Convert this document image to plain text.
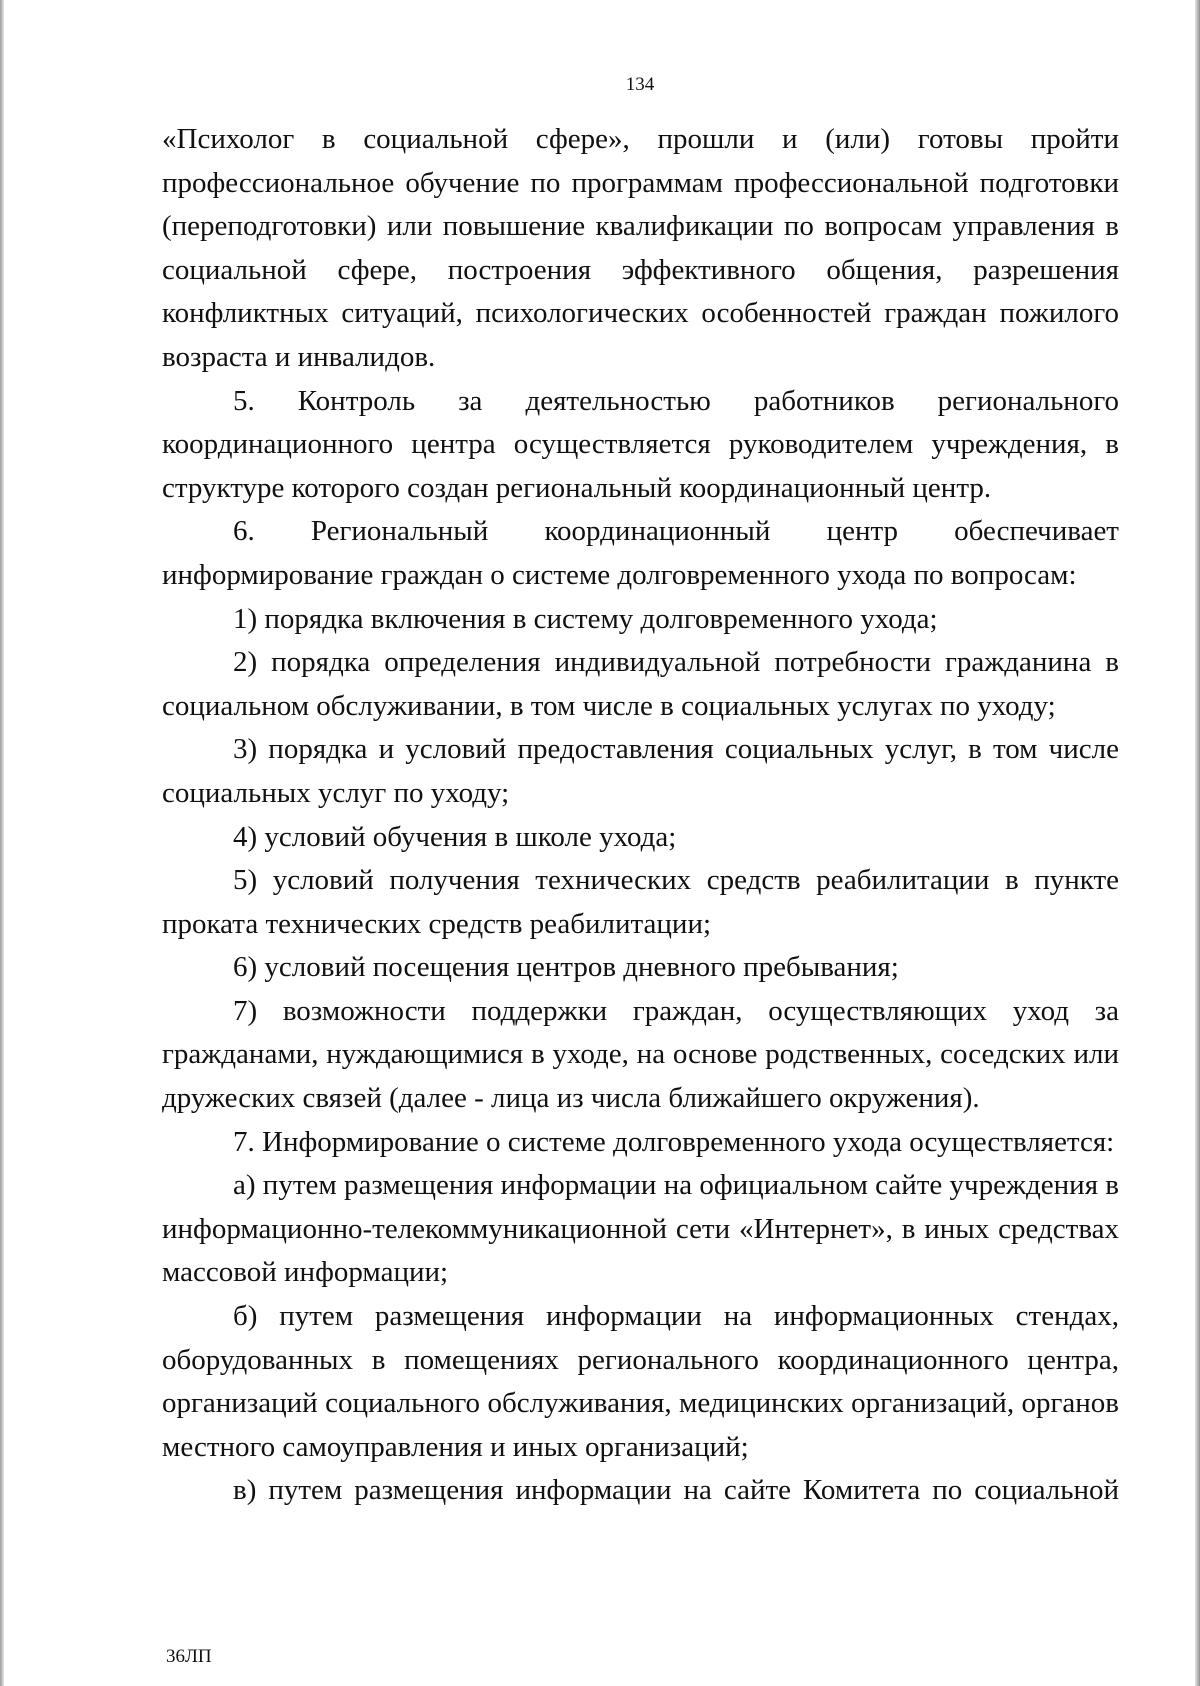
134

«Психолог в социальной сфере», прошли и (или) готовы пройти профессиональное обучение по программам профессиональной подготовки (переподготовки) или повышение квалификации по вопросам управления в социальной сфере, построения эффективного общения, разрешения конфликтных ситуаций, психологических особенностей граждан пожилого возраста и инвалидов.

5. Контроль за деятельностью работников регионального координационного центра осуществляется руководителем учреждения, в структуре которого создан региональный координационный центр.

6. Региональный координационный центр обеспечивает информирование граждан о системе долговременного ухода по вопросам:

1) порядка включения в систему долговременного ухода;

2) порядка определения индивидуальной потребности гражданина в социальном обслуживании, в том числе в социальных услугах по уходу;

3) порядка и условий предоставления социальных услуг, в том числе социальных услуг по уходу;

4) условий обучения в школе ухода;

5) условий получения технических средств реабилитации в пункте проката технических средств реабилитации;

6) условий посещения центров дневного пребывания;

7) возможности поддержки граждан, осуществляющих уход за гражданами, нуждающимися в уходе, на основе родственных, соседских или дружеских связей (далее - лица из числа ближайшего окружения).

7. Информирование о системе долговременного ухода осуществляется:

а) путем размещения информации на официальном сайте учреждения в информационно-телекоммуникационной сети «Интернет», в иных средствах массовой информации;

б) путем размещения информации на информационных стендах, оборудованных в помещениях регионального координационного центра, организаций социального обслуживания, медицинских организаций, органов местного самоуправления и иных организаций;

в) путем размещения информации на сайте Комитета по социальной

36ЛП
